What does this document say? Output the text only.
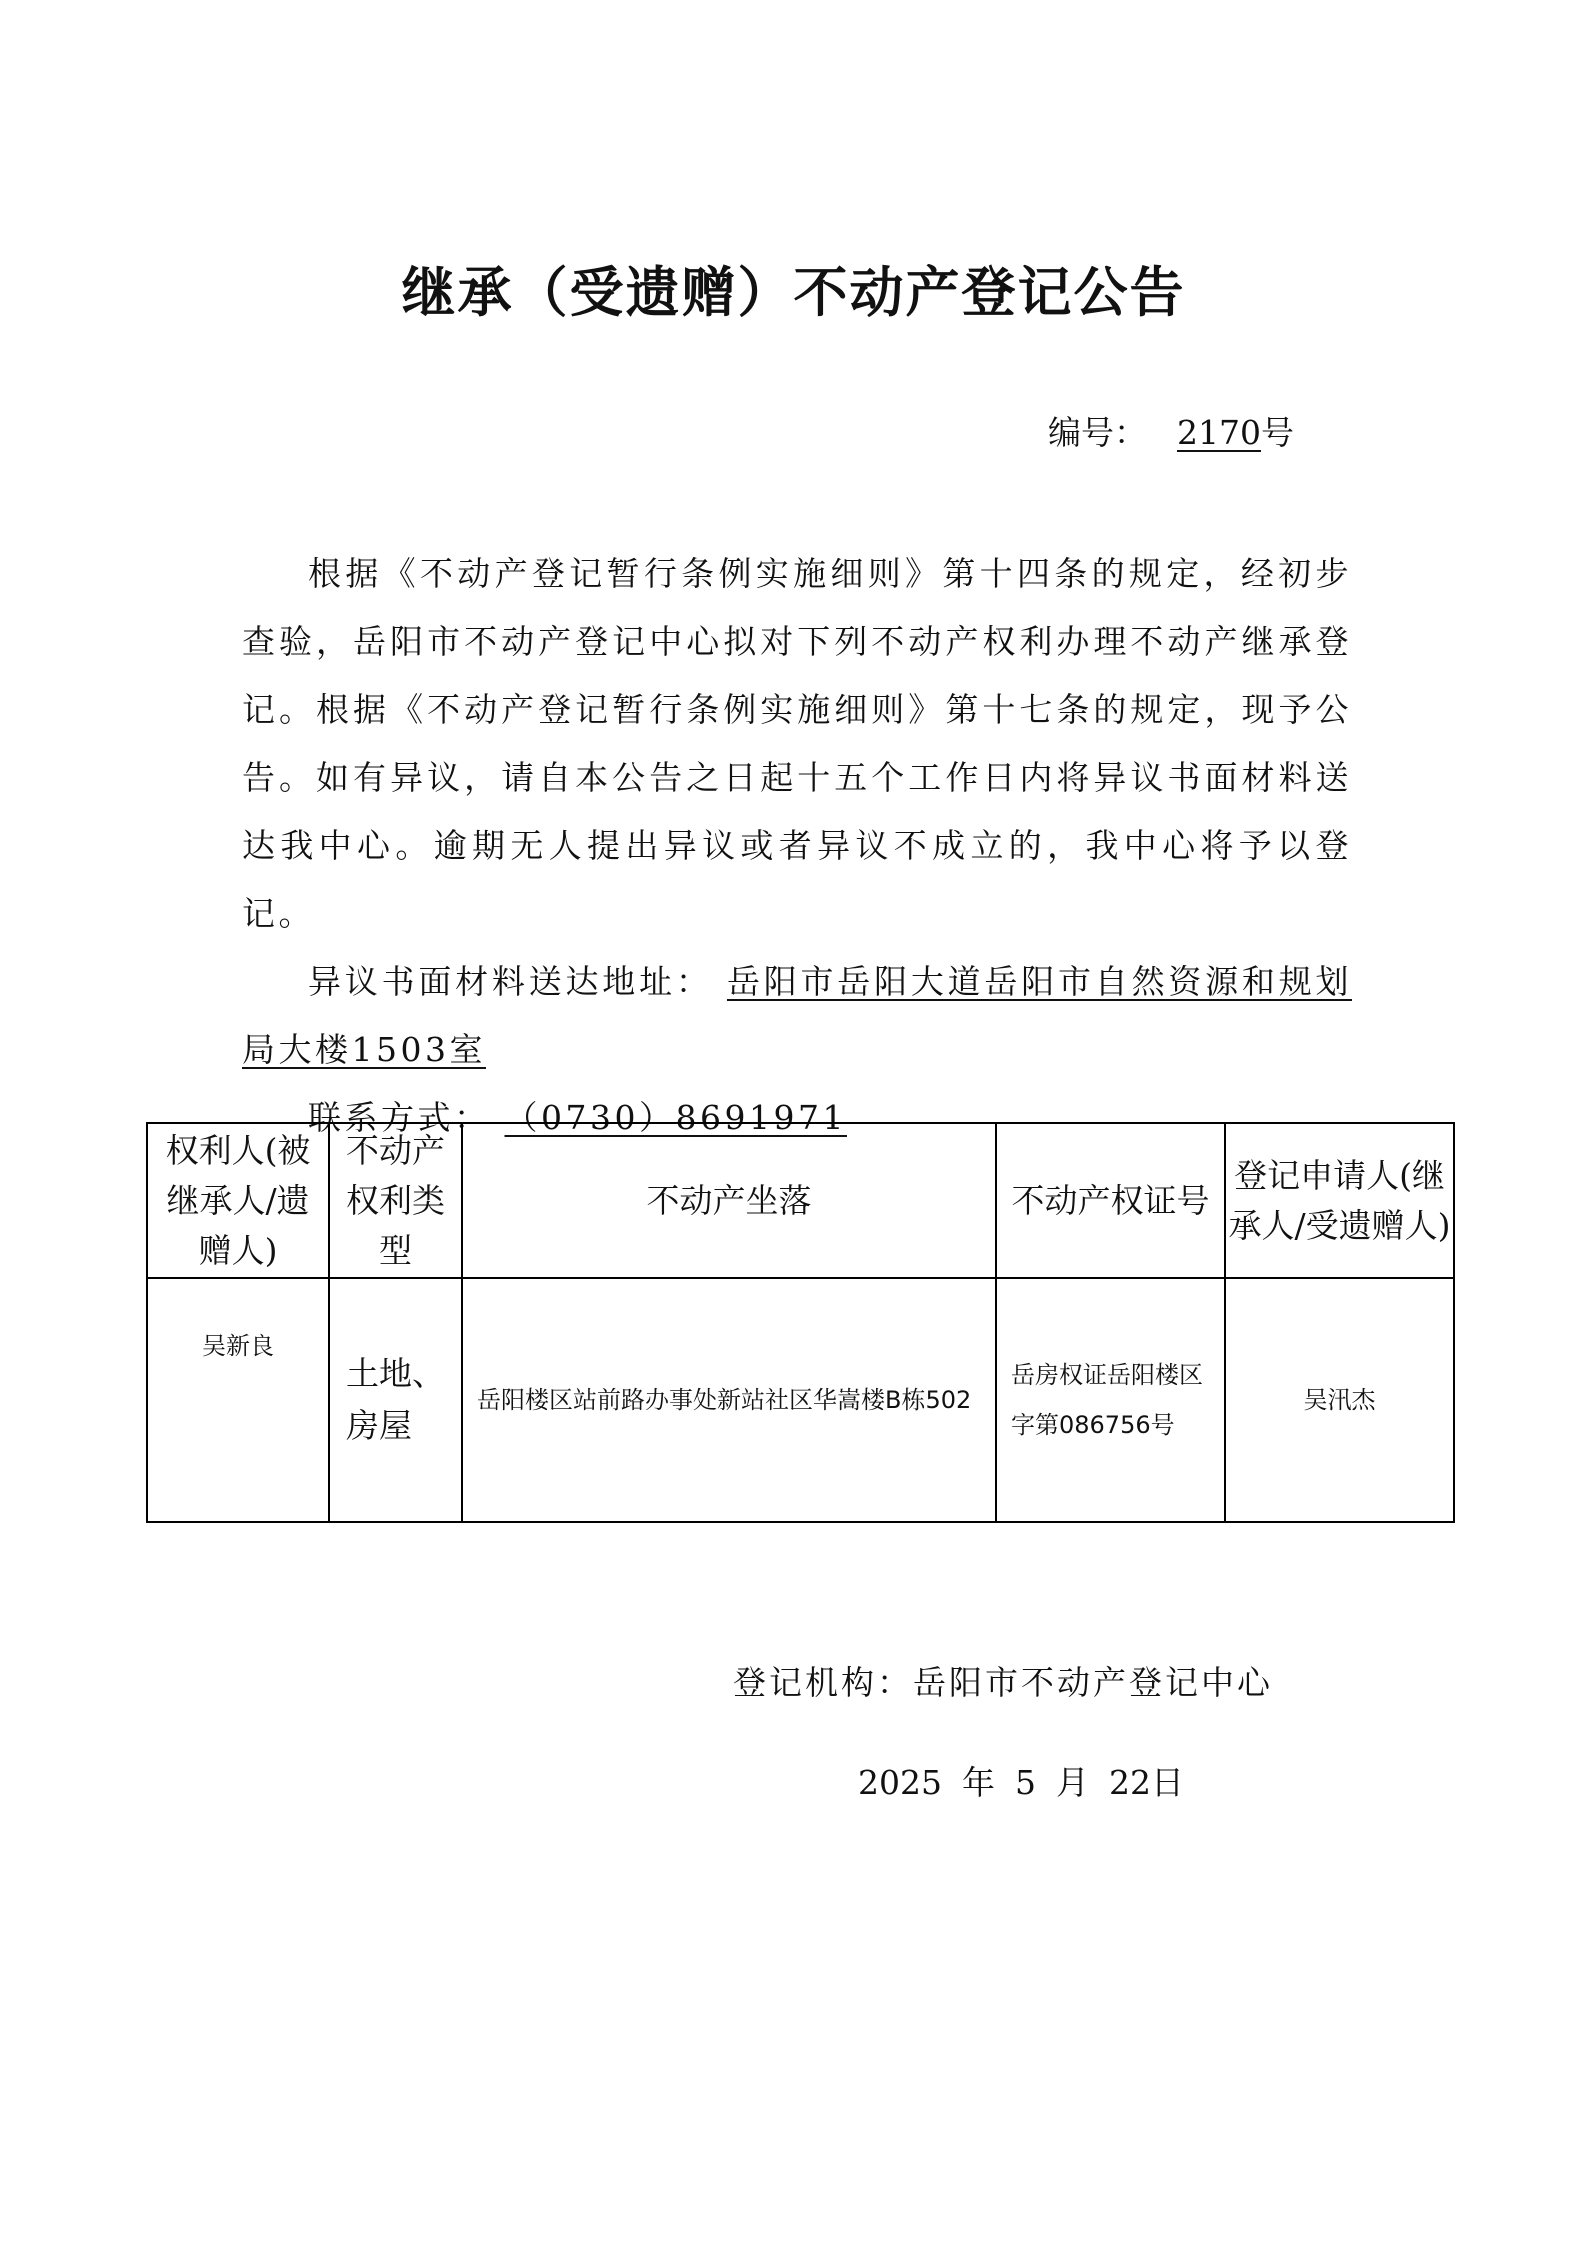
继承（受遗赠）不动产登记公告
编号： 2170号

根据《不动产登记暂行条例实施细则》第十四条的规定，经初步查验，岳阳市不动产登记中心拟对下列不动产权利办理不动产继承登记。根据《不动产登记暂行条例实施细则》第十七条的规定，现予公告。如有异议，请自本公告之日起十五个工作日内将异议书面材料送达我中心。逾期无人提出异议或者异议不成立的，我中心将予以登记。

异议书面材料送达地址： 岳阳市岳阳大道岳阳市自然资源和规划局大楼1503室

联系方式： （0730）8691971

权利人(被继承人/遗赠人)	不动产权利类型	不动产坐落	不动产权证号	登记申请人(继承人/受遗赠人)

吴新良	土地、房屋	岳阳楼区站前路办事处新站社区华嵩楼B栋502	岳房权证岳阳楼区字第086756号	吴汛杰
登记机构：岳阳市不动产登记中心
2025 年 5 月 22日
